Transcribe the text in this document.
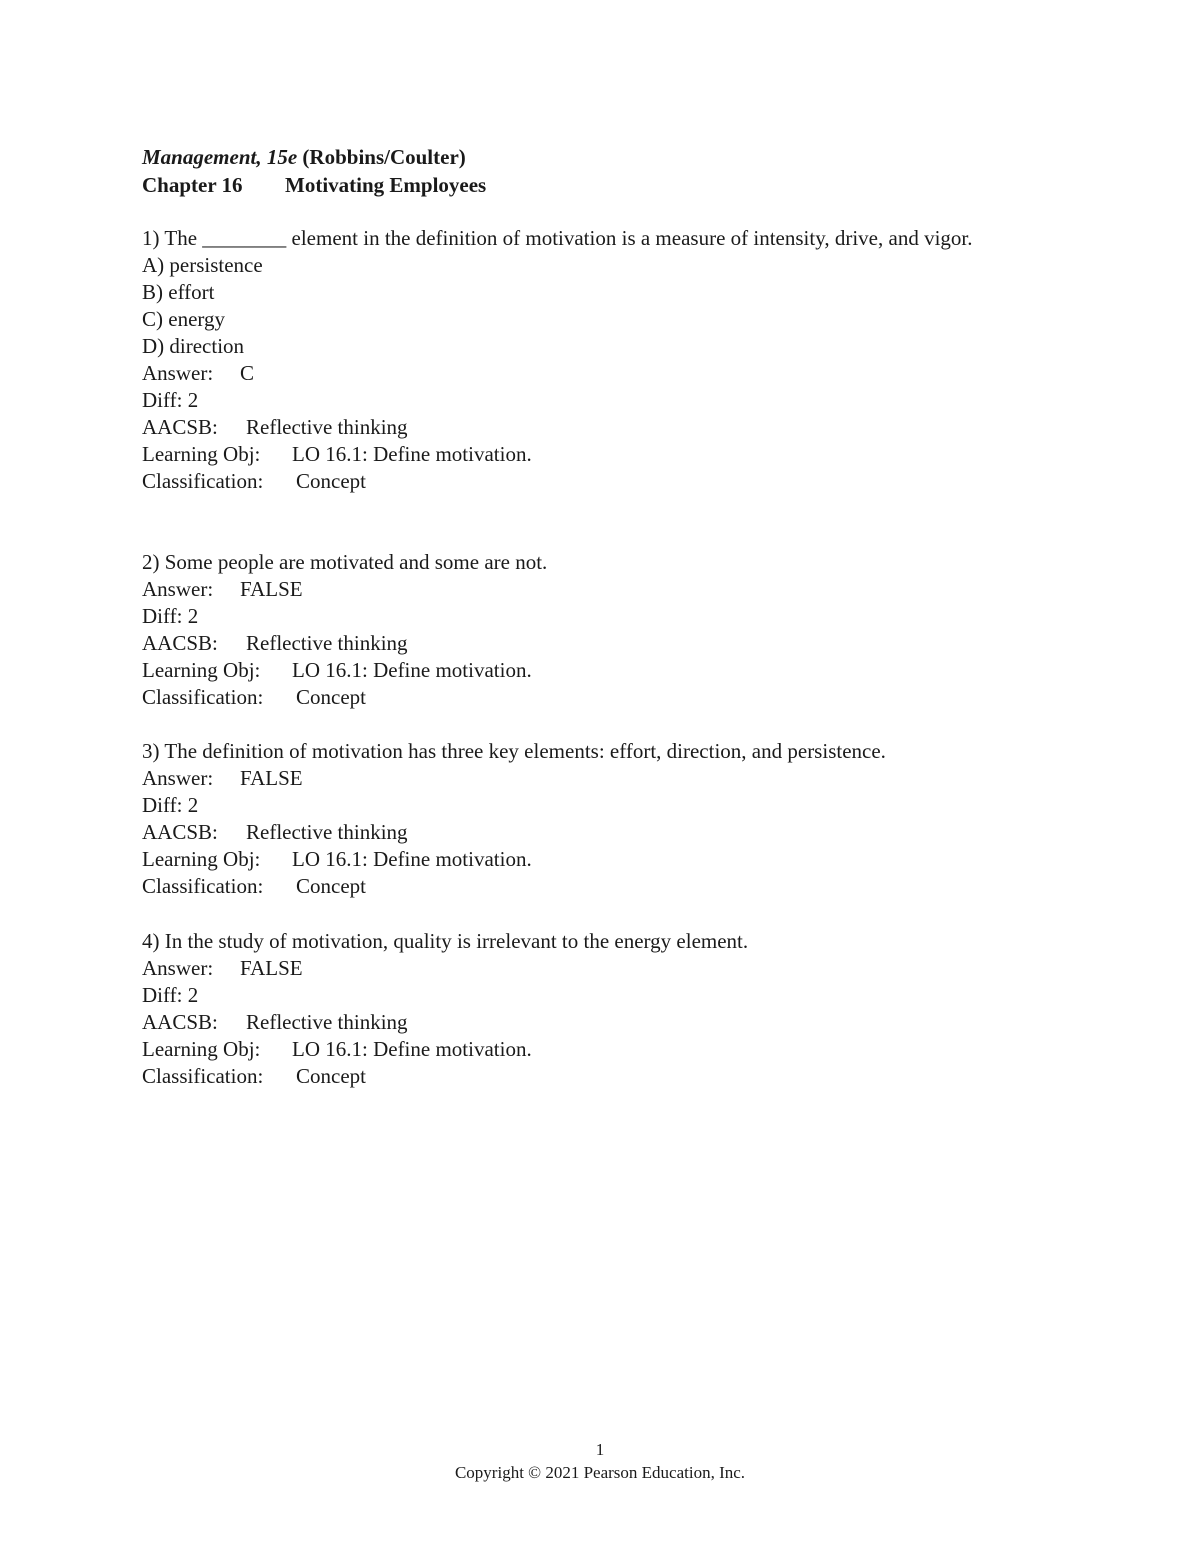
Management, 15e (Robbins/Coulter)
Chapter 16 Motivating Employees
1) The ________ element in the definition of motivation is a measure of intensity, drive, and vigor.
A) persistence
B) effort
C) energy
D) direction
Answer: C
Diff: 2
AACSB: Reflective thinking
Learning Obj: LO 16.1: Define motivation.
Classification: Concept
2) Some people are motivated and some are not.
Answer: FALSE
Diff: 2
AACSB: Reflective thinking
Learning Obj: LO 16.1: Define motivation.
Classification: Concept
3) The definition of motivation has three key elements: effort, direction, and persistence.
Answer: FALSE
Diff: 2
AACSB: Reflective thinking
Learning Obj: LO 16.1: Define motivation.
Classification: Concept
4) In the study of motivation, quality is irrelevant to the energy element.
Answer: FALSE
Diff: 2
AACSB: Reflective thinking
Learning Obj: LO 16.1: Define motivation.
Classification: Concept
1
Copyright © 2021 Pearson Education, Inc.
